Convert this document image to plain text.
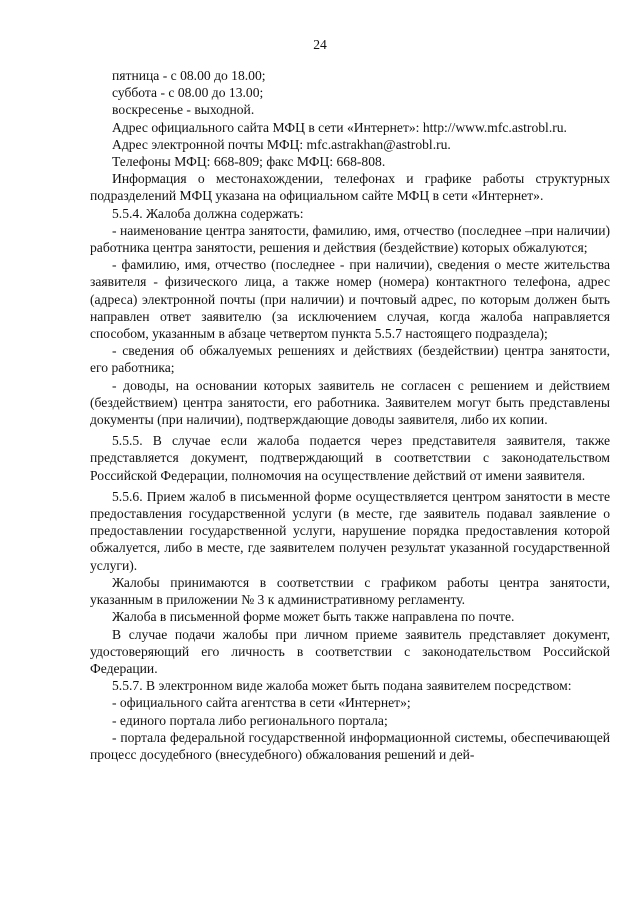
24

пятница - с 08.00 до 18.00;

суббота - с 08.00 до 13.00;

воскресенье - выходной.

Адрес официального сайта МФЦ в сети «Интернет»: http://www.mfc.astrobl.ru.

Адрес электронной почты МФЦ: mfc.astrakhan@astrobl.ru.

Телефоны МФЦ: 668-809; факс МФЦ: 668-808.

Информация о местонахождении, телефонах и графике работы структурных подразделений МФЦ указана на официальном сайте МФЦ в сети «Интернет».

5.5.4. Жалоба должна содержать:

- наименование центра занятости, фамилию, имя, отчество (последнее –при наличии) работника центра занятости, решения и действия (бездействие) которых обжалуются;

- фамилию, имя, отчество (последнее - при наличии), сведения о месте жительства заявителя - физического лица, а также номер (номера) контактного телефона, адрес (адреса) электронной почты (при наличии) и почтовый адрес, по которым должен быть направлен ответ заявителю (за исключением случая, когда жалоба направляется способом, указанным в абзаце четвертом пункта 5.5.7 настоящего подраздела);

- сведения об обжалуемых решениях и действиях (бездействии) центра занятости, его работника;

- доводы, на основании которых заявитель не согласен с решением и действием (бездействием) центра занятости, его работника. Заявителем могут быть представлены документы (при наличии), подтверждающие доводы заявителя, либо их копии.

5.5.5. В случае если жалоба подается через представителя заявителя, также представляется документ, подтверждающий в соответствии с законодательством Российской Федерации, полномочия на осуществление действий от имени заявителя.

5.5.6. Прием жалоб в письменной форме осуществляется центром занятости в месте предоставления государственной услуги (в месте, где заявитель подавал заявление о предоставлении государственной услуги, нарушение порядка предоставления которой обжалуется, либо в месте, где заявителем получен результат указанной государственной услуги).

Жалобы принимаются в соответствии с графиком работы центра занятости, указанным в приложении № 3 к административному регламенту.

Жалоба в письменной форме может быть также направлена по почте.

В случае подачи жалобы при личном приеме заявитель представляет документ, удостоверяющий его личность в соответствии с законодательством Российской Федерации.

5.5.7. В электронном виде жалоба может быть подана заявителем посредством:

- официального сайта агентства в сети «Интернет»;

- единого портала либо регионального портала;

- портала федеральной государственной информационной системы, обеспечивающей процесс досудебного (внесудебного) обжалования решений и дей-
